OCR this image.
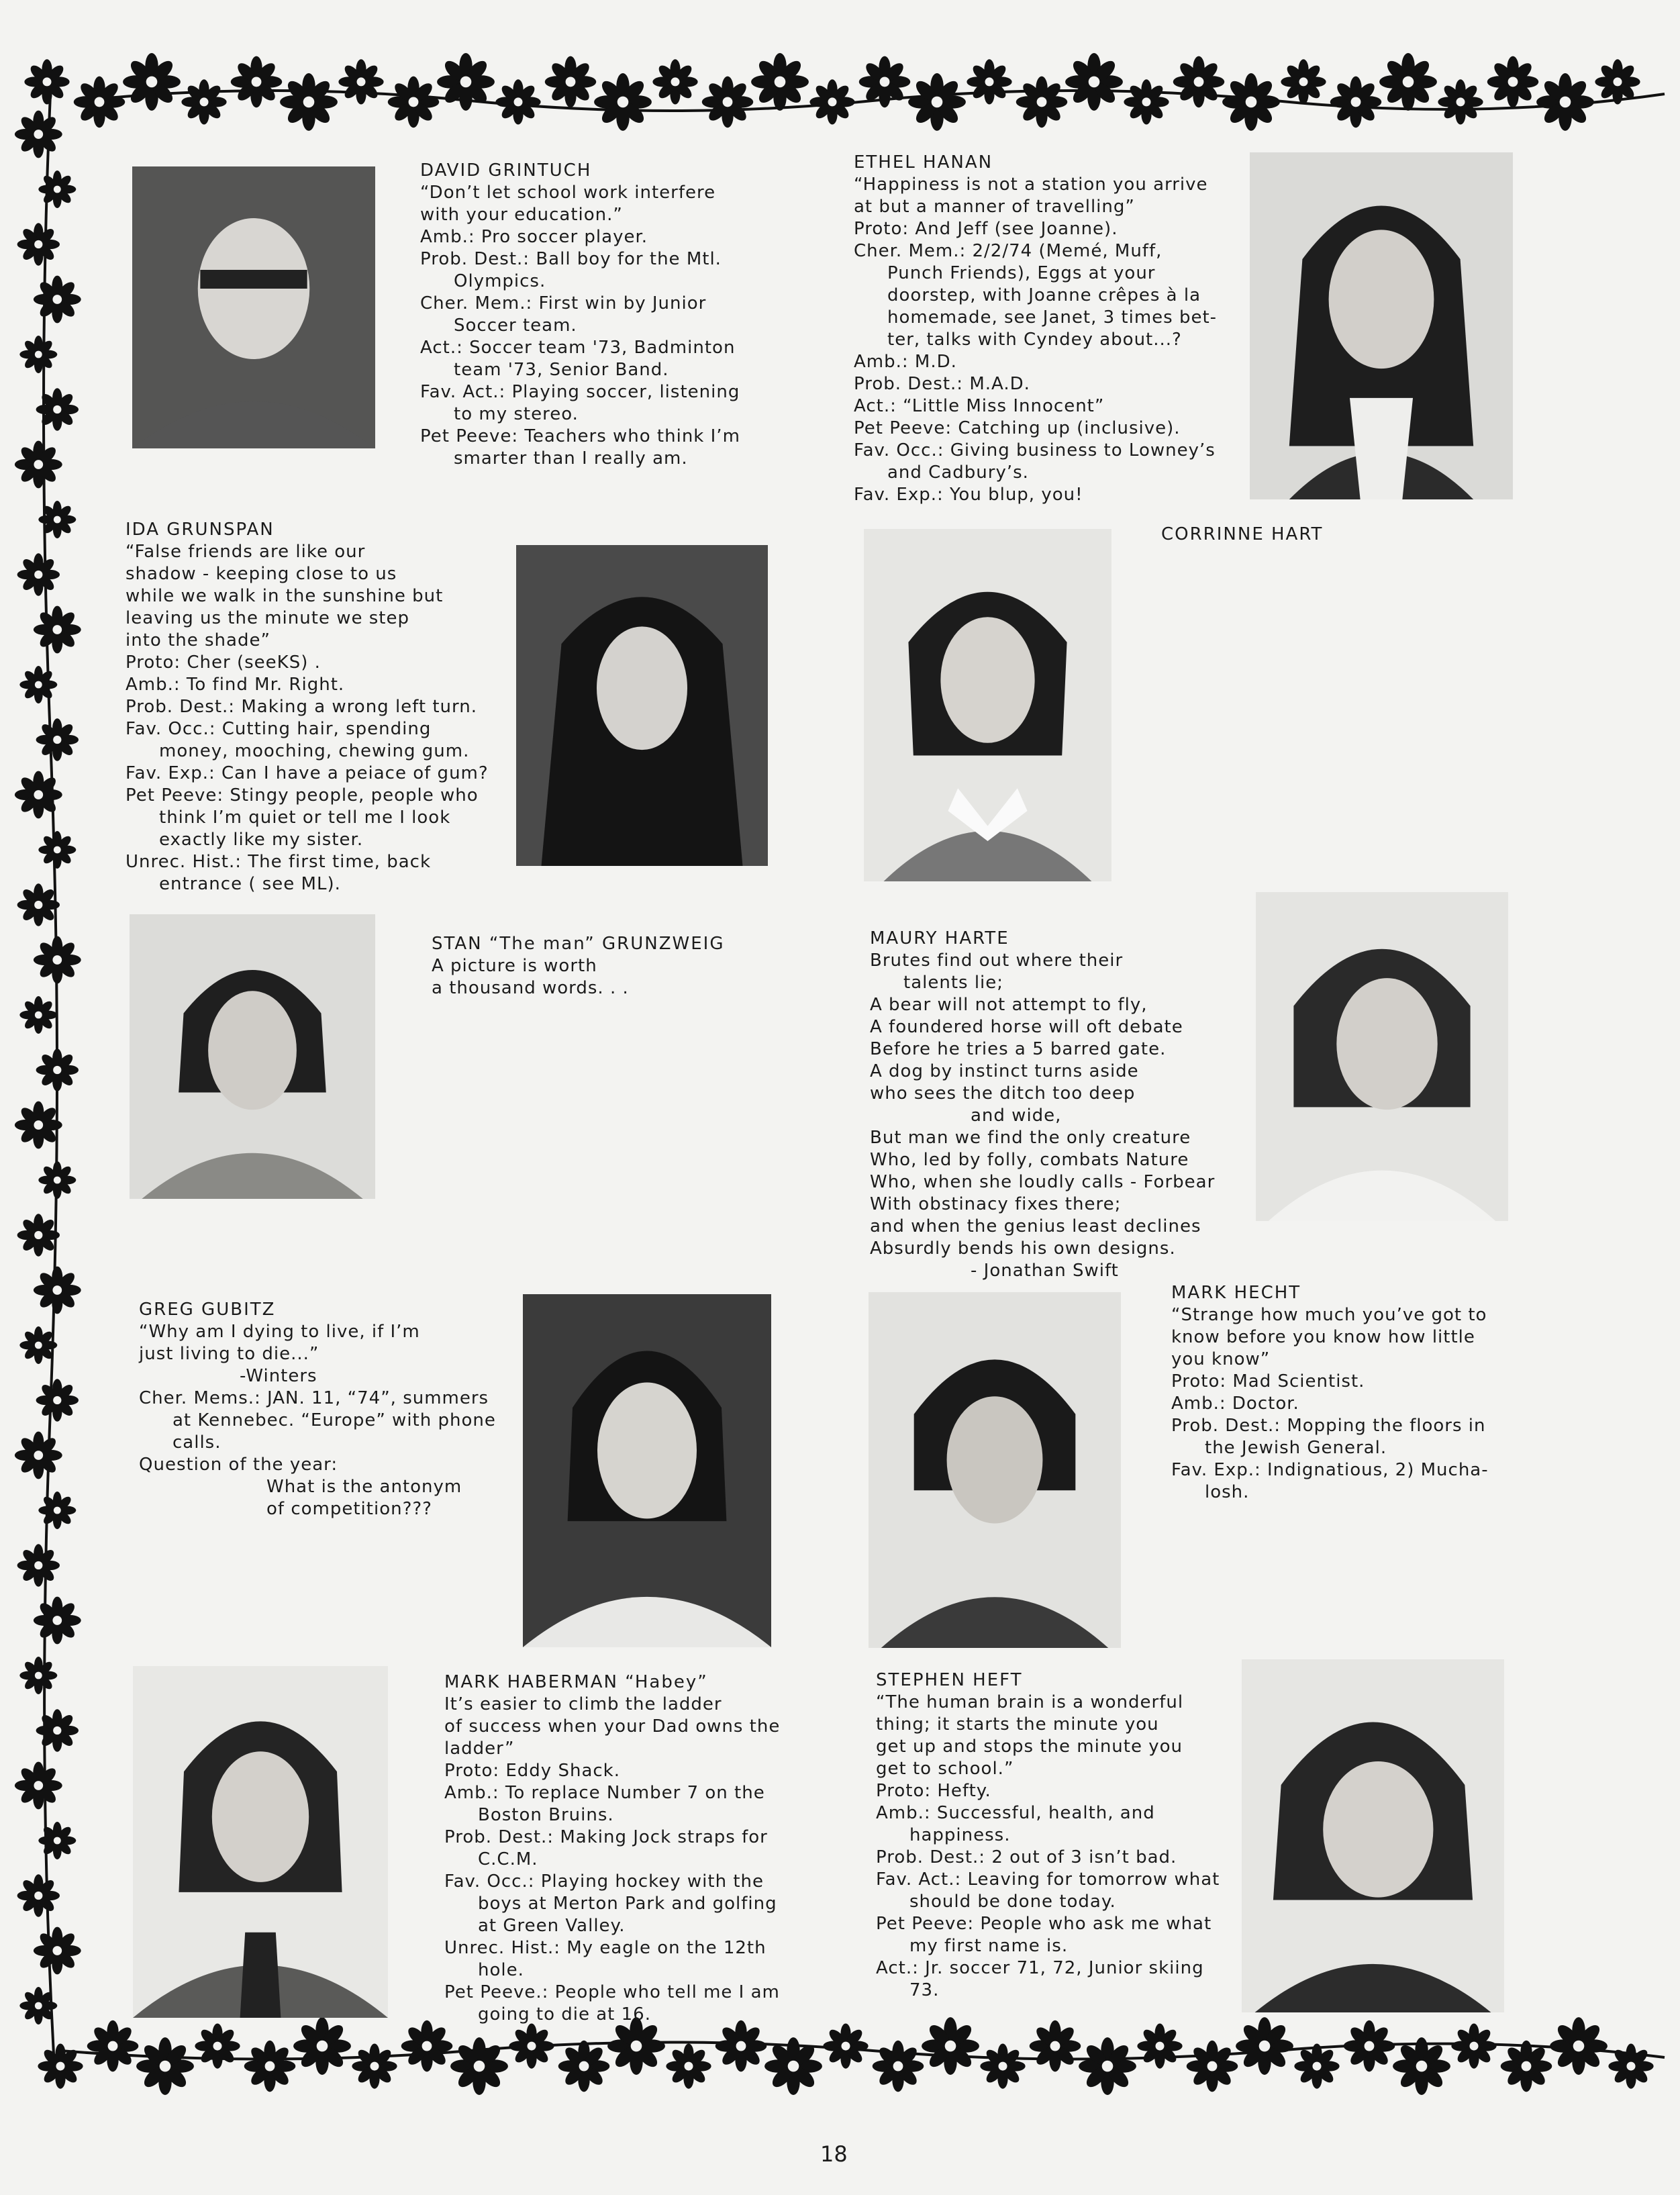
DAVID GRINTUCH
“Don’t let school work interfere
with your education.”
Amb.: Pro soccer player.
Prob. Dest.: Ball boy for the Mtl.
Olympics.
Cher. Mem.: First win by Junior
Soccer team.
Act.: Soccer team '73, Badminton
team '73, Senior Band.
Fav. Act.: Playing soccer, listening
to my stereo.
Pet Peeve: Teachers who think I’m
smarter than I really am.
ETHEL HANAN
“Happiness is not a station you arrive
at but a manner of travelling”
Proto: And Jeff (see Joanne).
Cher. Mem.: 2/2/74 (Memé, Muff,
Punch Friends), Eggs at your
doorstep, with Joanne crêpes à la
homemade, see Janet, 3 times bet-
ter, talks with Cyndey about...?
Amb.: M.D.
Prob. Dest.: M.A.D.
Act.: “Little Miss Innocent”
Pet Peeve: Catching up (inclusive).
Fav. Occ.: Giving business to Lowney’s
and Cadbury’s.
Fav. Exp.: You blup, you!
IDA GRUNSPAN
“False friends are like our
shadow - keeping close to us
while we walk in the sunshine but
leaving us the minute we step
into the shade”
Proto: Cher (seeKS) .
Amb.: To find Mr. Right.
Prob. Dest.: Making a wrong left turn.
Fav. Occ.: Cutting hair, spending
money, mooching, chewing gum.
Fav. Exp.: Can I have a peiace of gum?
Pet Peeve: Stingy people, people who
think I’m quiet or tell me I look
exactly like my sister.
Unrec. Hist.: The first time, back
entrance ( see ML).
CORRINNE HART
STAN “The man” GRUNZWEIG
A picture is worth
a thousand words. . .
MAURY HARTE
Brutes find out where their
talents lie;
A bear will not attempt to fly,
A foundered horse will oft debate
Before he tries a 5 barred gate.
A dog by instinct turns aside
who sees the ditch too deep
and wide,
But man we find the only creature
Who, led by folly, combats Nature
Who, when she loudly calls - Forbear
With obstinacy fixes there;
and when the genius least declines
Absurdly bends his own designs.
- Jonathan Swift
GREG GUBITZ
“Why am I dying to live, if I’m
just living to die...”
-Winters
Cher. Mems.: JAN. 11, “74”, summers
at Kennebec. “Europe” with phone
calls.
Question of the year:
What is the antonym
of competition???
MARK HECHT
“Strange how much you’ve got to
know before you know how little
you know”
Proto: Mad Scientist.
Amb.: Doctor.
Prob. Dest.: Mopping the floors in
the Jewish General.
Fav. Exp.: Indignatious, 2) Mucha-
losh.
MARK HABERMAN “Habey”
It’s easier to climb the ladder
of success when your Dad owns the
ladder”
Proto: Eddy Shack.
Amb.: To replace Number 7 on the
Boston Bruins.
Prob. Dest.: Making Jock straps for
C.C.M.
Fav. Occ.: Playing hockey with the
boys at Merton Park and golfing
at Green Valley.
Unrec. Hist.: My eagle on the 12th
hole.
Pet Peeve.: People who tell me I am
going to die at 16.
STEPHEN HEFT
“The human brain is a wonderful
thing; it starts the minute you
get up and stops the minute you
get to school.”
Proto: Hefty.
Amb.: Successful, health, and
happiness.
Prob. Dest.: 2 out of 3 isn’t bad.
Fav. Act.: Leaving for tomorrow what
should be done today.
Pet Peeve: People who ask me what
my first name is.
Act.: Jr. soccer 71, 72, Junior skiing
73.
18
